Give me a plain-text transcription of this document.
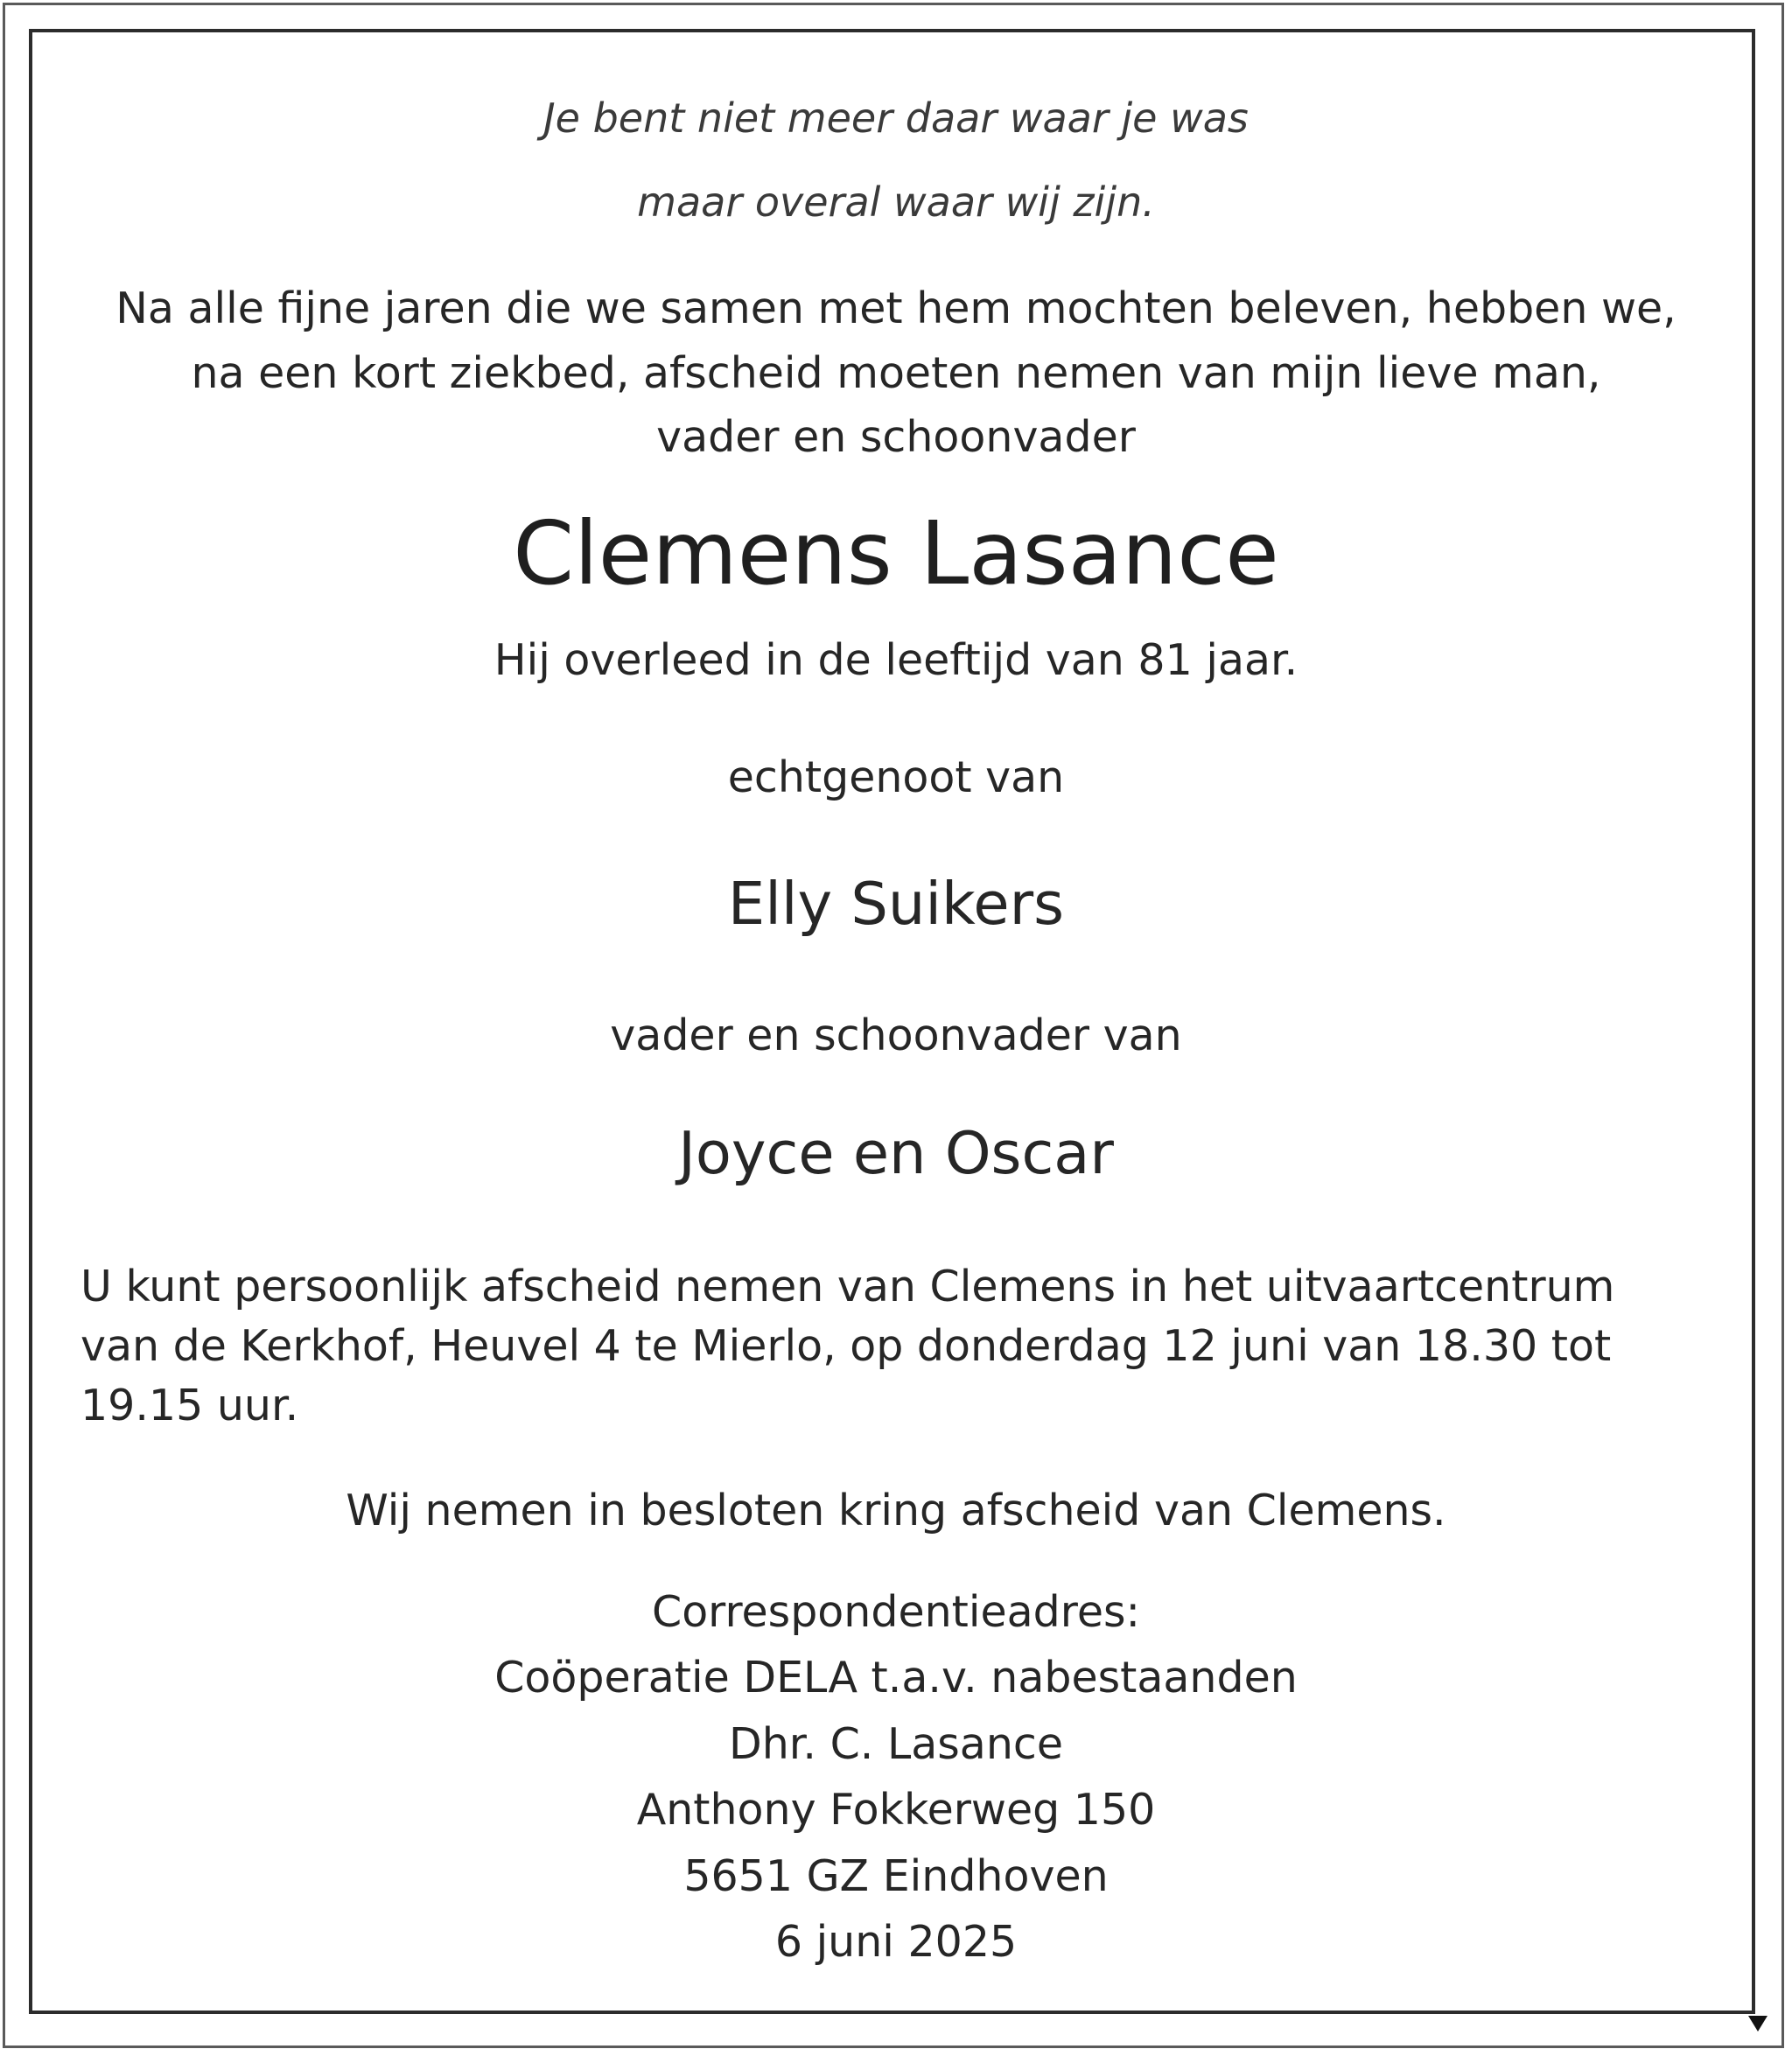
Je bent niet meer daar waar je was

maar overal waar wij zijn.

Na alle fijne jaren die we samen met hem mochten beleven, hebben we,

na een kort ziekbed, afscheid moeten nemen van mijn lieve man,

vader en schoonvader

Clemens Lasance

Hij overleed in de leeftijd van 81 jaar.

echtgenoot van

Elly Suikers

vader en schoonvader van

Joyce en Oscar

U kunt persoonlijk afscheid nemen van Clemens in het uitvaartcentrum
van de Kerkhof, Heuvel 4 te Mierlo, op donderdag 12 juni van 18.30 tot
19.15 uur.

Wij nemen in besloten kring afscheid van Clemens.

Correspondentieadres:

Coöperatie DELA t.a.v. nabestaanden

Dhr. C. Lasance

Anthony Fokkerweg 150

5651 GZ Eindhoven

6 juni 2025
